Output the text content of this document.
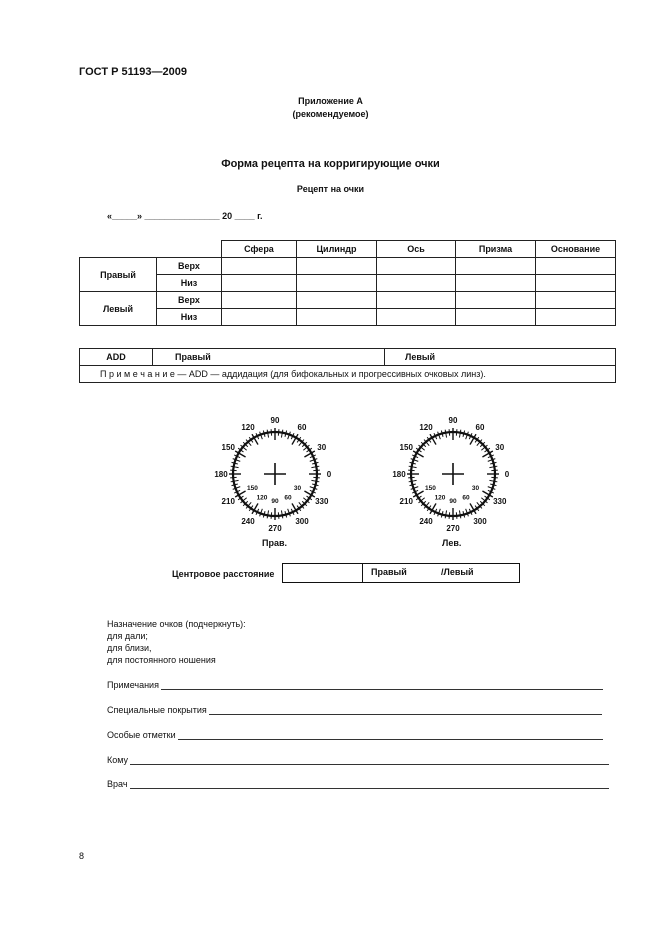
ГОСТ Р 51193—2009
Приложение А
(рекомендуемое)
Форма рецепта на корригирующие очки
Рецепт на очки
«_____» _______________ 20 ____ г.
		Сфера	Цилиндр	Ось	Призма	Основание
Правый	Верх					
	Низ					
Левый	Верх					
	Низ					
ADD	Правый	Левый
П р и м е ч а н и е — ADD — аддидация (для бифокальных и прогрессивных очковых линз).
90
60
30
0
330
300
270
240
210
180
150
120
30
60
90
120
150
90
60
30
0
330
300
270
240
210
180
150
120
30
60
90
120
150
Прав.	Лев.
Центровое расстояние	Правый	/Левый
Назначение очков (подчеркнуть):
для дали;
для близи,
для постоянного ношения
Примечания
Специальные покрытия
Особые отметки
Кому
Врач
8
